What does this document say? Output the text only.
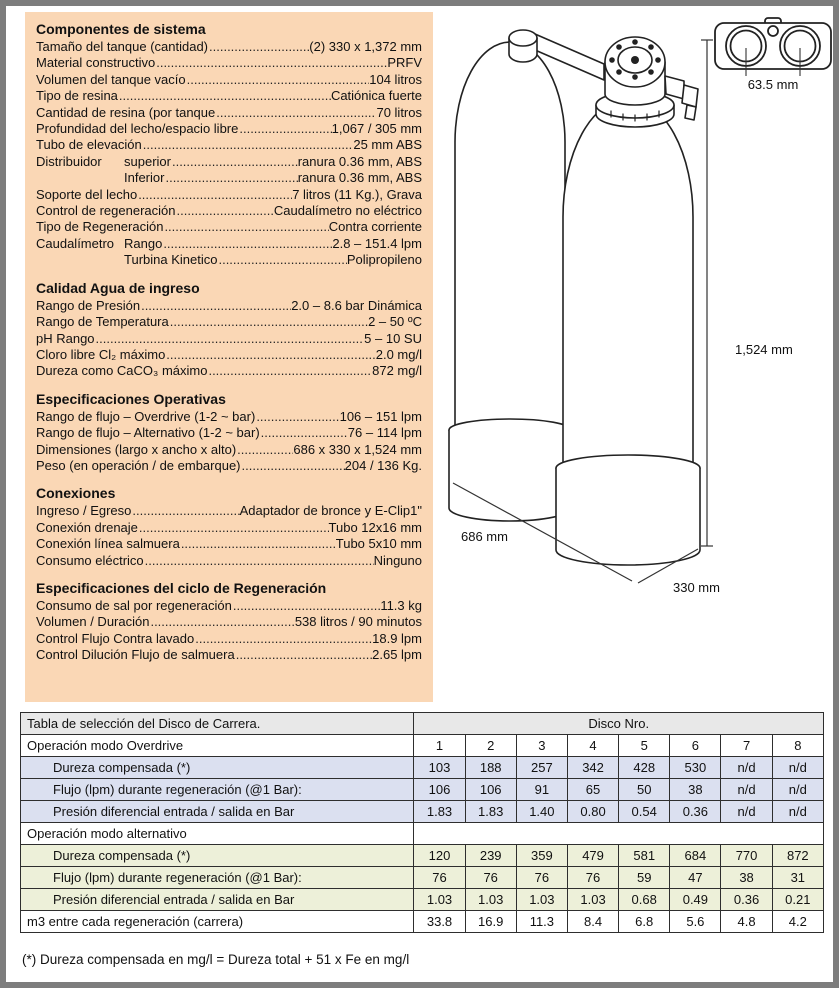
Componentes de sistema
Tamaño del tanque (cantidad) .....	(2) 330 x 1,372 mm
Material constructivo .....	PRFV
Volumen del tanque vacío .....	104 litros
Tipo de resina .....	Catiónica fuerte
Cantidad de resina (por tanque .....	70 litros
Profundidad del lecho/espacio libre .....	1,067 / 305 mm
Tubo de elevación .....	25 mm ABS
Distribuidor	superior .....	ranura 0.36 mm, ABS
Inferior .....	ranura 0.36 mm, ABS
Soporte del lecho .....	7 litros (11 Kg.), Grava
Control de regeneración .....	Caudalímetro no eléctrico
Tipo de Regeneración .....	Contra corriente
Caudalímetro Rango .....	2.8 – 151.4 lpm
Turbina Kinetico .....	Polipropileno
Calidad Agua de ingreso
Rango de Presión .....	2.0 – 8.6 bar Dinámica
Rango de Temperatura .....	2 – 50 ºC
pH Rango .....	5 – 10 SU
Cloro libre Cl₂ máximo .....	2.0 mg/l
Dureza como CaCO₃ máximo .....	872 mg/l
Especificaciones Operativas
Rango de flujo – Overdrive (1-2 ~ bar) .....	106 – 151 lpm
Rango de flujo – Alternativo (1-2 ~ bar) .....	76 – 114 lpm
Dimensiones (largo x ancho x alto) .....	686 x 330 x 1,524 mm
Peso (en operación / de embarque) .....	204 / 136 Kg.
Conexiones
Ingreso / Egreso .....	Adaptador de bronce y E-Clip1"
Conexión drenaje .....	Tubo 12x16 mm
Conexión línea salmuera .....	Tubo 5x10 mm
Consumo eléctrico .....	Ninguno
Especificaciones del ciclo de Regeneración
Consumo de sal por regeneración .....	11.3 kg
Volumen / Duración .....	538 litros / 90 minutos
Control Flujo Contra lavado .....	18.9 lpm
Control Dilución Flujo de salmuera .....	2.65 lpm
63.5 mm
1,524 mm
686 mm
330 mm
Tabla de selección del Disco de Carrera.	Disco Nro.							
Operación modo Overdrive	1	2	3	4	5	6	7	8
Dureza compensada (*)	103	188	257	342	428	530	n/d	n/d
Flujo (lpm) durante regeneración (@1 Bar):	106	106	91	65	50	38	n/d	n/d
Presión diferencial entrada / salida en Bar	1.83	1.83	1.40	0.80	0.54	0.36	n/d	n/d
Operación modo alternativo								
Dureza compensada (*)	120	239	359	479	581	684	770	872
Flujo (lpm) durante regeneración (@1 Bar):	76	76	76	76	59	47	38	31
Presión diferencial entrada / salida en Bar	1.03	1.03	1.03	1.03	0.68	0.49	0.36	0.21
m3 entre cada regeneración (carrera)	33.8	16.9	11.3	8.4	6.8	5.6	4.8	4.2
(*) Dureza compensada en mg/l = Dureza total + 51 x Fe en mg/l
